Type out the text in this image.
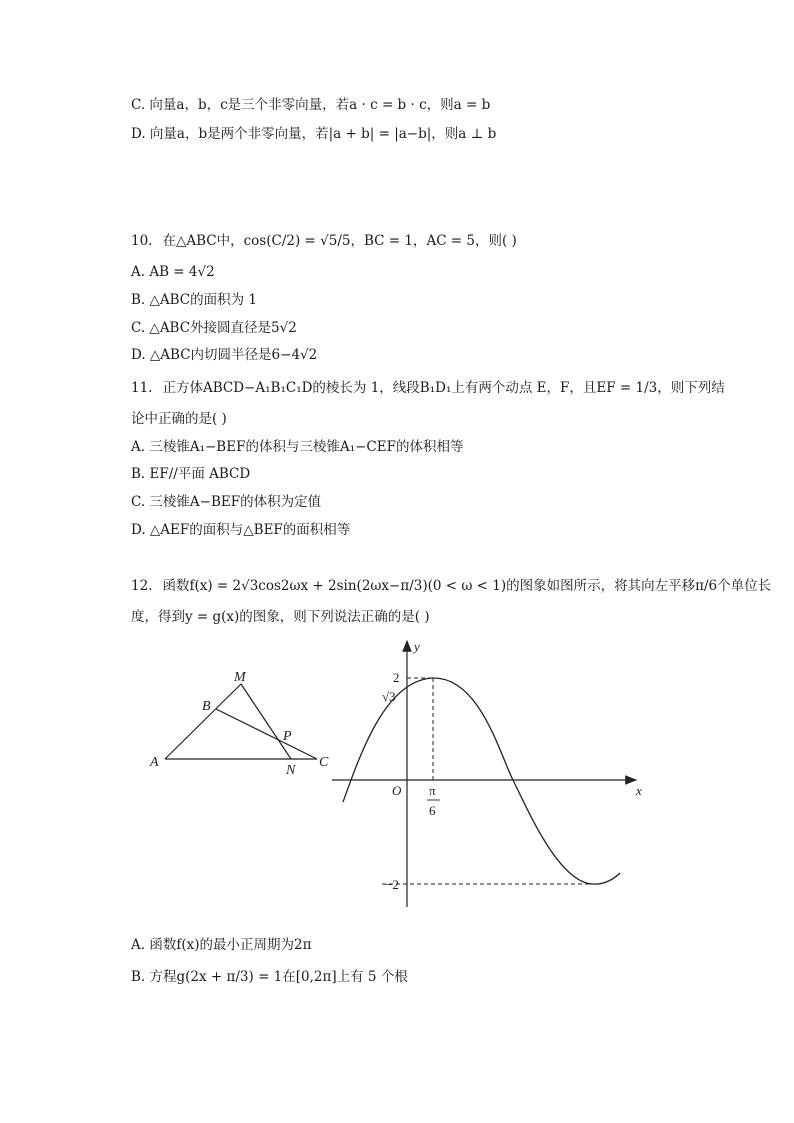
C. 向量a，b，c是三个非零向量，若a · c = b · c，则a = b
D. 向量a，b是两个非零向量，若|a + b| = |a−b|，则a ⊥ b
10. 在△ABC中，cos(C/2) = √5/5，BC = 1，AC = 5，则( )
A. AB = 4√2
B. △ABC的面积为 1
C. △ABC外接圆直径是5√2
D. △ABC内切圆半径是6−4√2
11. 正方体ABCD−A₁B₁C₁D的棱长为 1，线段B₁D₁上有两个动点 E，F，且EF = 1/3，则下列结
论中正确的是( )
A. 三棱锥A₁−BEF的体积与三棱锥A₁−CEF的体积相等
B. EF//平面 ABCD
C. 三棱锥A−BEF的体积为定值
D. △AEF的面积与△BEF的面积相等
12. 函数f(x) = 2√3cos2ωx + 2sin(2ωx−π/3)(0 < ω < 1)的图象如图所示，将其向左平移π/6个单位长
度，得到y = g(x)的图象，则下列说法正确的是( )
M
B
P
A
N
C
y
x
O
2
√3
−2
π
6
A. 函数f(x)的最小正周期为2π
B. 方程g(2x + π/3) = 1在[0,2π]上有 5 个根
